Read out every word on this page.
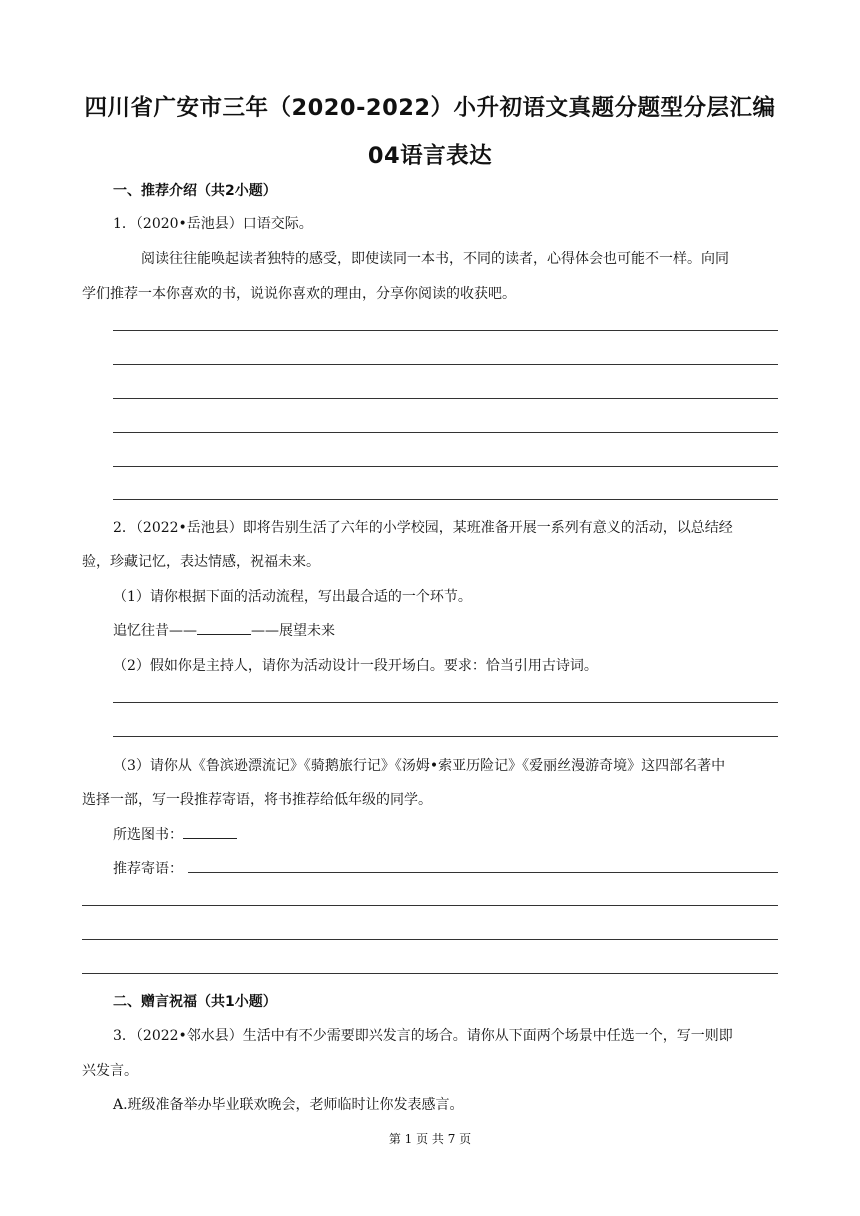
四川省广安市三年（2020-2022）小升初语文真题分题型分层汇编
04语言表达
一、推荐介绍（共2小题）
1．（2020•岳池县）口语交际。
阅读往往能唤起读者独特的感受，即使读同一本书，不同的读者，心得体会也可能不一样。向同
学们推荐一本你喜欢的书，说说你喜欢的理由，分享你阅读的收获吧。
2．（2022•岳池县）即将告别生活了六年的小学校园，某班准备开展一系列有意义的活动，以总结经
验，珍藏记忆，表达情感，祝福未来。
（1）请你根据下面的活动流程，写出最合适的一个环节。
追忆往昔——	——展望未来
（2）假如你是主持人，请你为活动设计一段开场白。要求：恰当引用古诗词。
（3）请你从《鲁滨逊漂流记》《骑鹅旅行记》《汤姆•索亚历险记》《爱丽丝漫游奇境》这四部名著中
选择一部，写一段推荐寄语，将书推荐给低年级的同学。
所选图书：
推荐寄语：
二、赠言祝福（共1小题）
3．（2022•邻水县）生活中有不少需要即兴发言的场合。请你从下面两个场景中任选一个，写一则即
兴发言。
A.班级准备举办毕业联欢晚会，老师临时让你发表感言。
第 1 页 共 7 页
